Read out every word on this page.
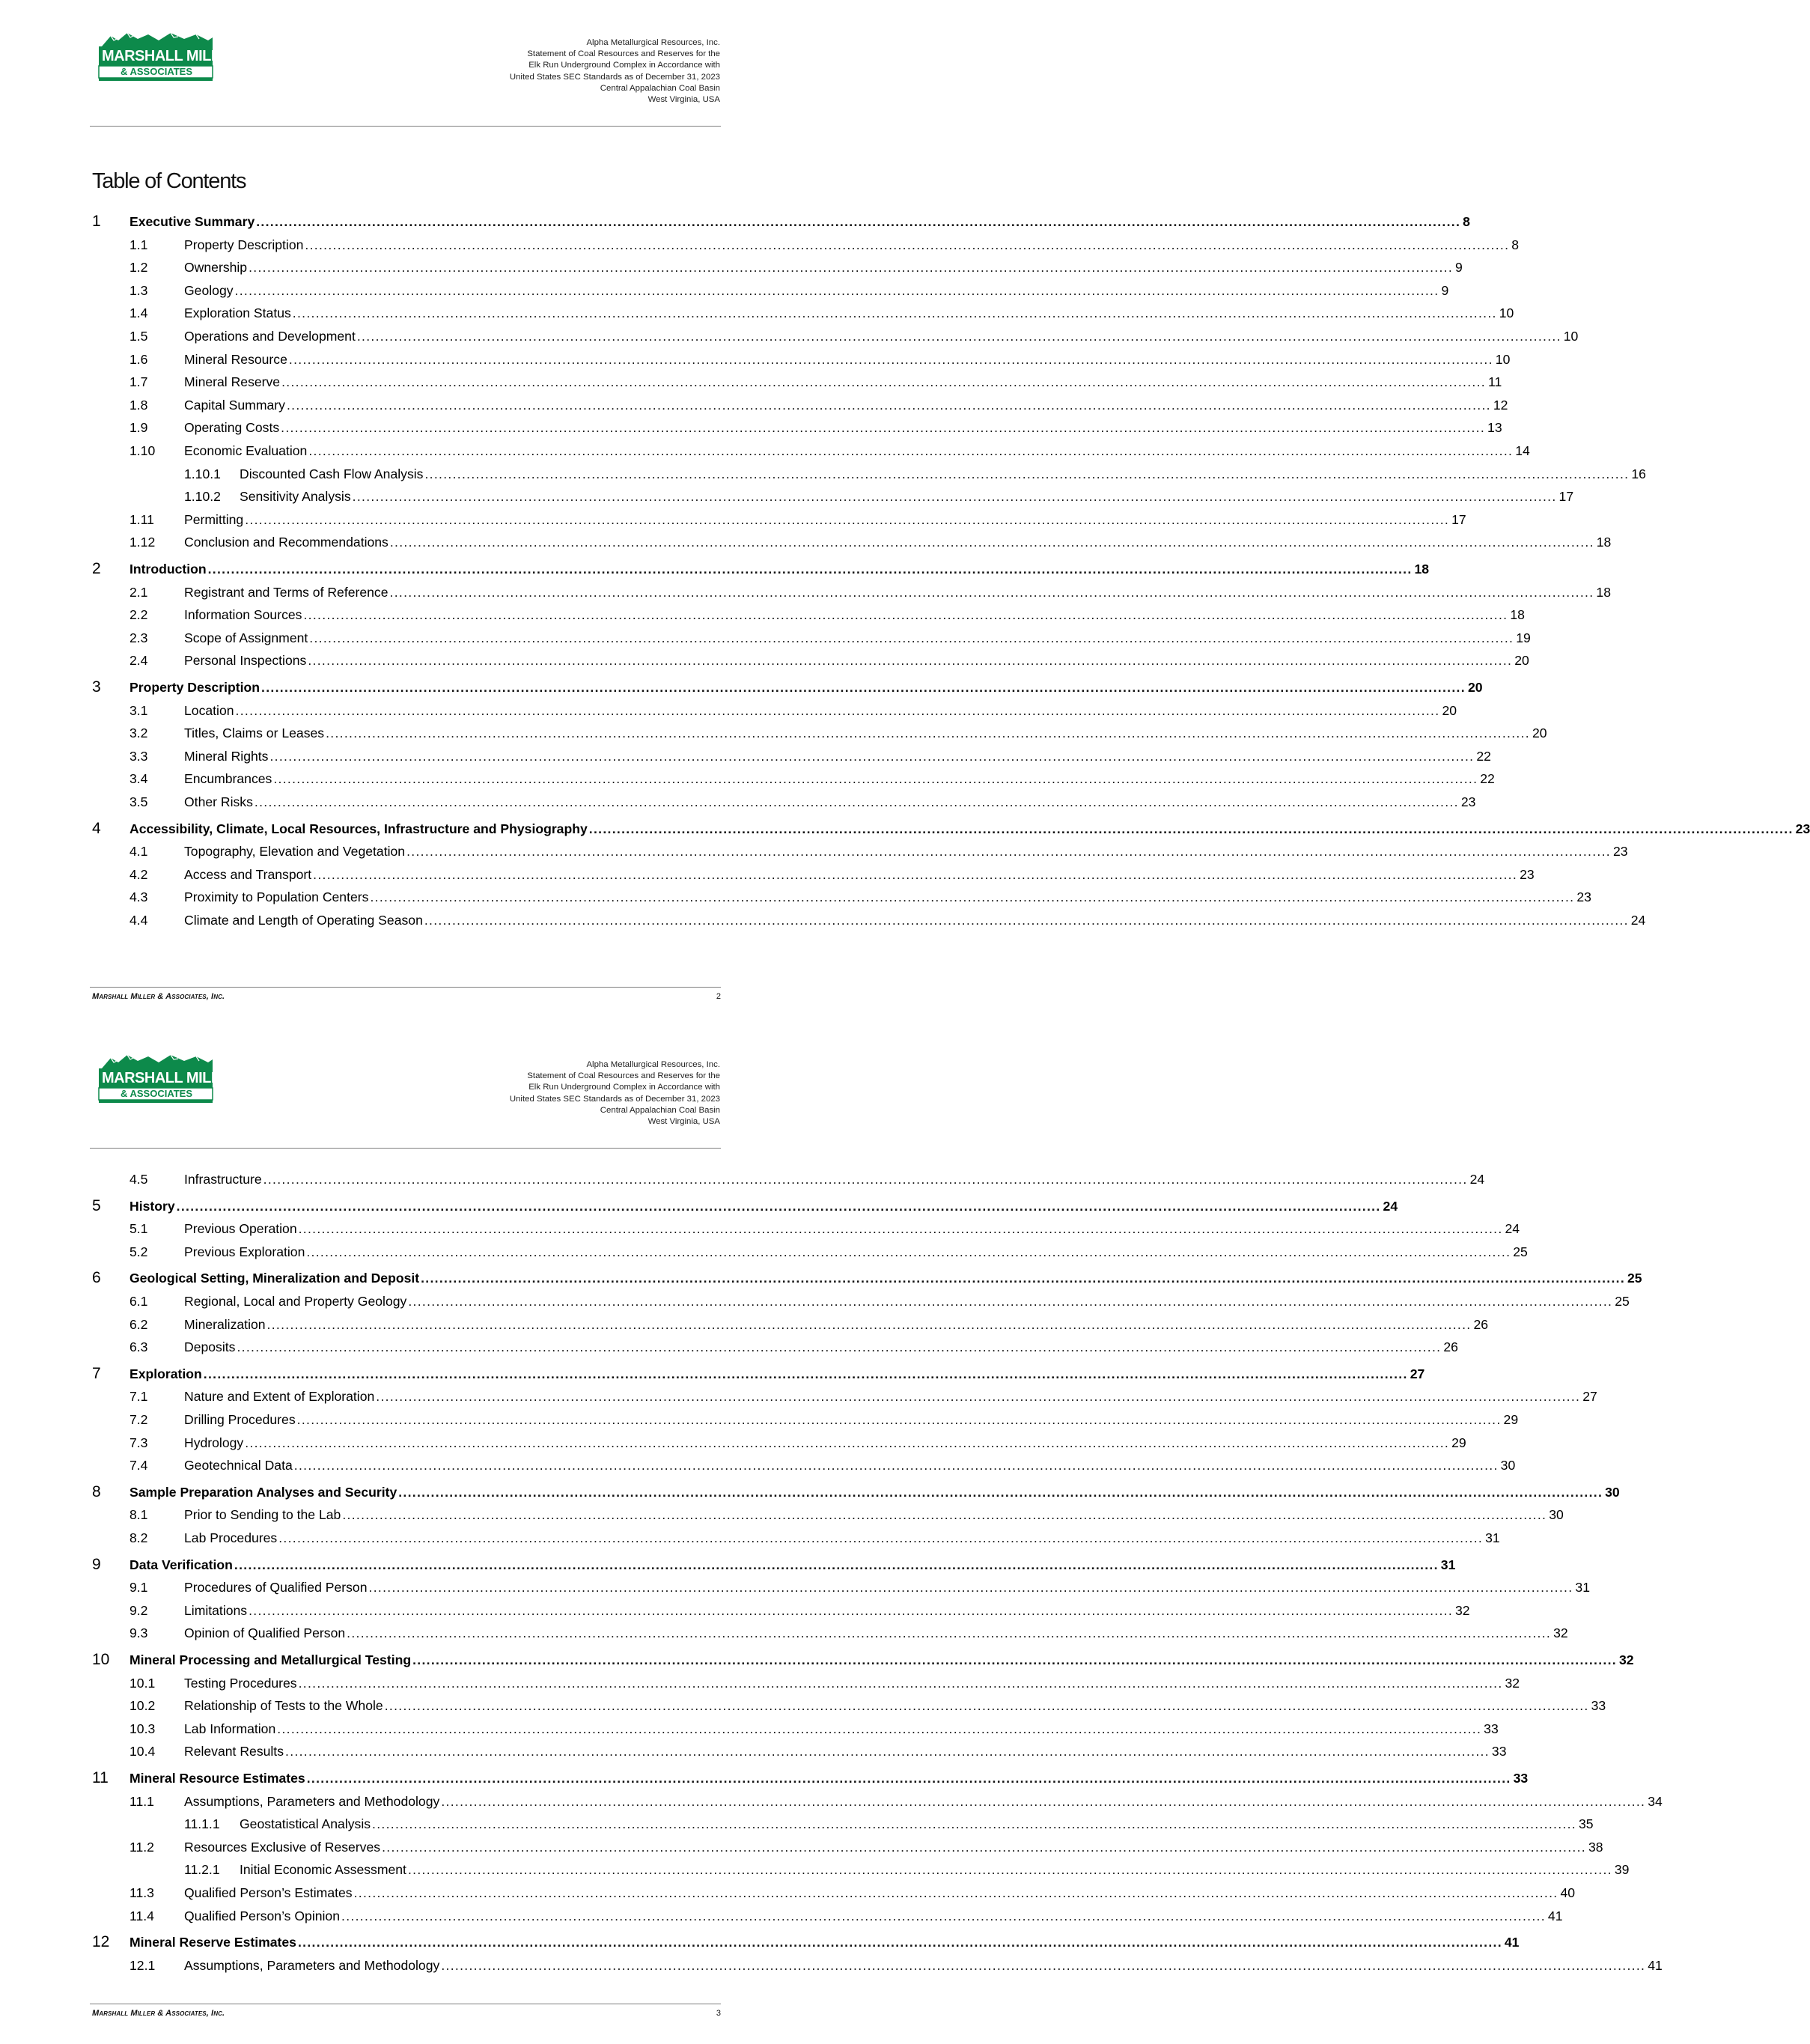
MARSHALL MILLER
& ASSOCIATES
Alpha Metallurgical Resources, Inc.
Statement of Coal Resources and Reserves for the
Elk Run Underground Complex in Accordance with
United States SEC Standards as of December 31, 2023
Central Appalachian Coal Basin
West Virginia, USA
Table of Contents
1 Executive Summary .................................................................................................................................................................................................................................................................... 8
1.1	Property Description .................................................................................................................................................................................................................................................................... 8
1.2	Ownership .................................................................................................................................................................................................................................................................... 9
1.3	Geology .................................................................................................................................................................................................................................................................... 9
1.4	Exploration Status .................................................................................................................................................................................................................................................................... 10
1.5	Operations and Development .................................................................................................................................................................................................................................................................... 10
1.6	Mineral Resource .................................................................................................................................................................................................................................................................... 10
1.7	Mineral Reserve .................................................................................................................................................................................................................................................................... 11
1.8	Capital Summary .................................................................................................................................................................................................................................................................... 12
1.9	Operating Costs .................................................................................................................................................................................................................................................................... 13
1.10 Economic Evaluation .................................................................................................................................................................................................................................................................... 14
1.10.1 Discounted Cash Flow Analysis .................................................................................................................................................................................................................................................................... 16
1.10.2 Sensitivity Analysis .................................................................................................................................................................................................................................................................... 17
1.11 Permitting .................................................................................................................................................................................................................................................................... 17
1.12 Conclusion and Recommendations .................................................................................................................................................................................................................................................................... 18
2 Introduction .................................................................................................................................................................................................................................................................... 18
2.1	Registrant and Terms of Reference .................................................................................................................................................................................................................................................................... 18
2.2	Information Sources .................................................................................................................................................................................................................................................................... 18
2.3	Scope of Assignment .................................................................................................................................................................................................................................................................... 19
2.4	Personal Inspections .................................................................................................................................................................................................................................................................... 20
3 Property Description .................................................................................................................................................................................................................................................................... 20
3.1	Location .................................................................................................................................................................................................................................................................... 20
3.2	Titles, Claims or Leases .................................................................................................................................................................................................................................................................... 20
3.3	Mineral Rights .................................................................................................................................................................................................................................................................... 22
3.4	Encumbrances .................................................................................................................................................................................................................................................................... 22
3.5	Other Risks .................................................................................................................................................................................................................................................................... 23
4 Accessibility, Climate, Local Resources, Infrastructure and Physiography .................................................................................................................................................................................................................................................................... 23
4.1	Topography, Elevation and Vegetation .................................................................................................................................................................................................................................................................... 23
4.2	Access and Transport .................................................................................................................................................................................................................................................................... 23
4.3	Proximity to Population Centers .................................................................................................................................................................................................................................................................... 23
4.4	Climate and Length of Operating Season .................................................................................................................................................................................................................................................................... 24
Marshall Miller & Associates, Inc.	2
MARSHALL MILLER
& ASSOCIATES
Alpha Metallurgical Resources, Inc.
Statement of Coal Resources and Reserves for the
Elk Run Underground Complex in Accordance with
United States SEC Standards as of December 31, 2023
Central Appalachian Coal Basin
West Virginia, USA
4.5	Infrastructure .................................................................................................................................................................................................................................................................... 24
5 History .................................................................................................................................................................................................................................................................... 24
5.1	Previous Operation .................................................................................................................................................................................................................................................................... 24
5.2	Previous Exploration .................................................................................................................................................................................................................................................................... 25
6 Geological Setting, Mineralization and Deposit .................................................................................................................................................................................................................................................................... 25
6.1	Regional, Local and Property Geology .................................................................................................................................................................................................................................................................... 25
6.2	Mineralization .................................................................................................................................................................................................................................................................... 26
6.3	Deposits .................................................................................................................................................................................................................................................................... 26
7 Exploration .................................................................................................................................................................................................................................................................... 27
7.1	Nature and Extent of Exploration .................................................................................................................................................................................................................................................................... 27
7.2	Drilling Procedures .................................................................................................................................................................................................................................................................... 29
7.3	Hydrology .................................................................................................................................................................................................................................................................... 29
7.4	Geotechnical Data .................................................................................................................................................................................................................................................................... 30
8 Sample Preparation Analyses and Security .................................................................................................................................................................................................................................................................... 30
8.1	Prior to Sending to the Lab .................................................................................................................................................................................................................................................................... 30
8.2	Lab Procedures .................................................................................................................................................................................................................................................................... 31
9 Data Verification .................................................................................................................................................................................................................................................................... 31
9.1	Procedures of Qualified Person .................................................................................................................................................................................................................................................................... 31
9.2	Limitations .................................................................................................................................................................................................................................................................... 32
9.3	Opinion of Qualified Person .................................................................................................................................................................................................................................................................... 32
10 Mineral Processing and Metallurgical Testing .................................................................................................................................................................................................................................................................... 32
10.1 Testing Procedures .................................................................................................................................................................................................................................................................... 32
10.2 Relationship of Tests to the Whole .................................................................................................................................................................................................................................................................... 33
10.3 Lab Information .................................................................................................................................................................................................................................................................... 33
10.4 Relevant Results .................................................................................................................................................................................................................................................................... 33
11 Mineral Resource Estimates .................................................................................................................................................................................................................................................................... 33
11.1 Assumptions, Parameters and Methodology .................................................................................................................................................................................................................................................................... 34
11.1.1 Geostatistical Analysis .................................................................................................................................................................................................................................................................... 35
11.2 Resources Exclusive of Reserves .................................................................................................................................................................................................................................................................... 38
11.2.1 Initial Economic Assessment .................................................................................................................................................................................................................................................................... 39
11.3 Qualified Person’s Estimates .................................................................................................................................................................................................................................................................... 40
11.4 Qualified Person’s Opinion .................................................................................................................................................................................................................................................................... 41
12 Mineral Reserve Estimates .................................................................................................................................................................................................................................................................... 41
12.1 Assumptions, Parameters and Methodology .................................................................................................................................................................................................................................................................... 41
Marshall Miller & Associates, Inc.	3
